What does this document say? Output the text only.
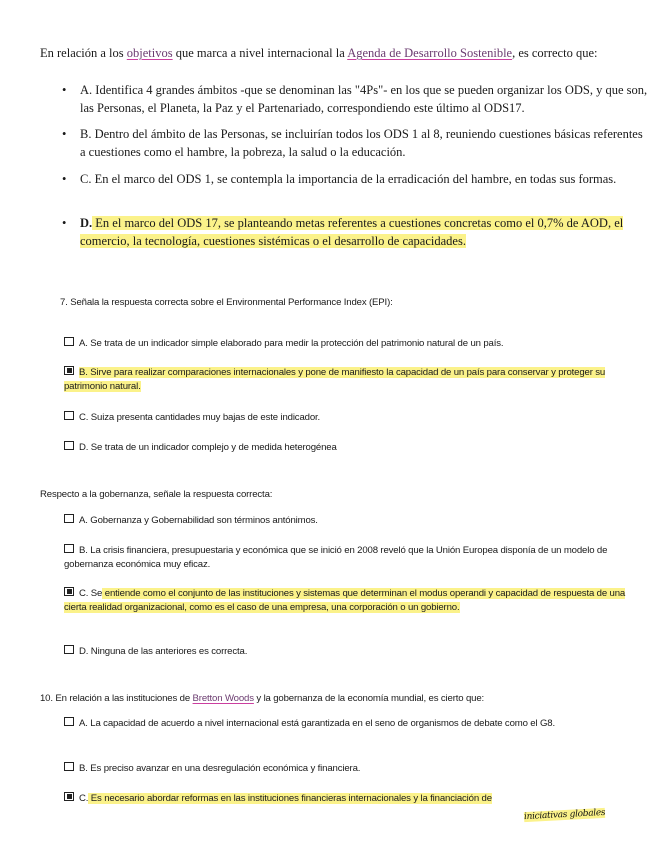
En relación a los objetivos que marca a nivel internacional la Agenda de Desarrollo Sostenible, es correcto que:
• A. Identifica 4 grandes ámbitos -que se denominan las "4Ps"- en los que se pueden organizar los ODS, y que son, las Personas, el Planeta, la Paz y el Partenariado, correspondiendo este último al ODS17.
• B. Dentro del ámbito de las Personas, se incluirían todos los ODS 1 al 8, reuniendo cuestiones básicas referentes a cuestiones como el hambre, la pobreza, la salud o la educación.
• C. En el marco del ODS 1, se contempla la importancia de la erradicación del hambre, en todas sus formas.
• D. En el marco del ODS 17, se planteando metas referentes a cuestiones concretas como el 0,7% de AOD, el comercio, la tecnología, cuestiones sistémicas o el desarrollo de capacidades.
7. Señala la respuesta correcta sobre el Environmental Performance Index (EPI):
A. Se trata de un indicador simple elaborado para medir la protección del patrimonio natural de un país.
B. Sirve para realizar comparaciones internacionales y pone de manifiesto la capacidad de un país para conservar y proteger su patrimonio natural.
C. Suiza presenta cantidades muy bajas de este indicador.
D. Se trata de un indicador complejo y de medida heterogénea
Respecto a la gobernanza, señale la respuesta correcta:
A. Gobernanza y Gobernabilidad son términos antónimos.
B. La crisis financiera, presupuestaria y económica que se inició en 2008 reveló que la Unión Europea disponía de un modelo de gobernanza económica muy eficaz.
C. Se entiende como el conjunto de las instituciones y sistemas que determinan el modus operandi y capacidad de respuesta de una cierta realidad organizacional, como es el caso de una empresa, una corporación o un gobierno.
D. Ninguna de las anteriores es correcta.
10. En relación a las instituciones de Bretton Woods y la gobernanza de la economía mundial, es cierto que:
A. La capacidad de acuerdo a nivel internacional está garantizada en el seno de organismos de debate como el G8.
B. Es preciso avanzar en una desregulación económica y financiera.
C. Es necesario abordar reformas en las instituciones financieras internacionales y la financiación de
iniciativas globales
